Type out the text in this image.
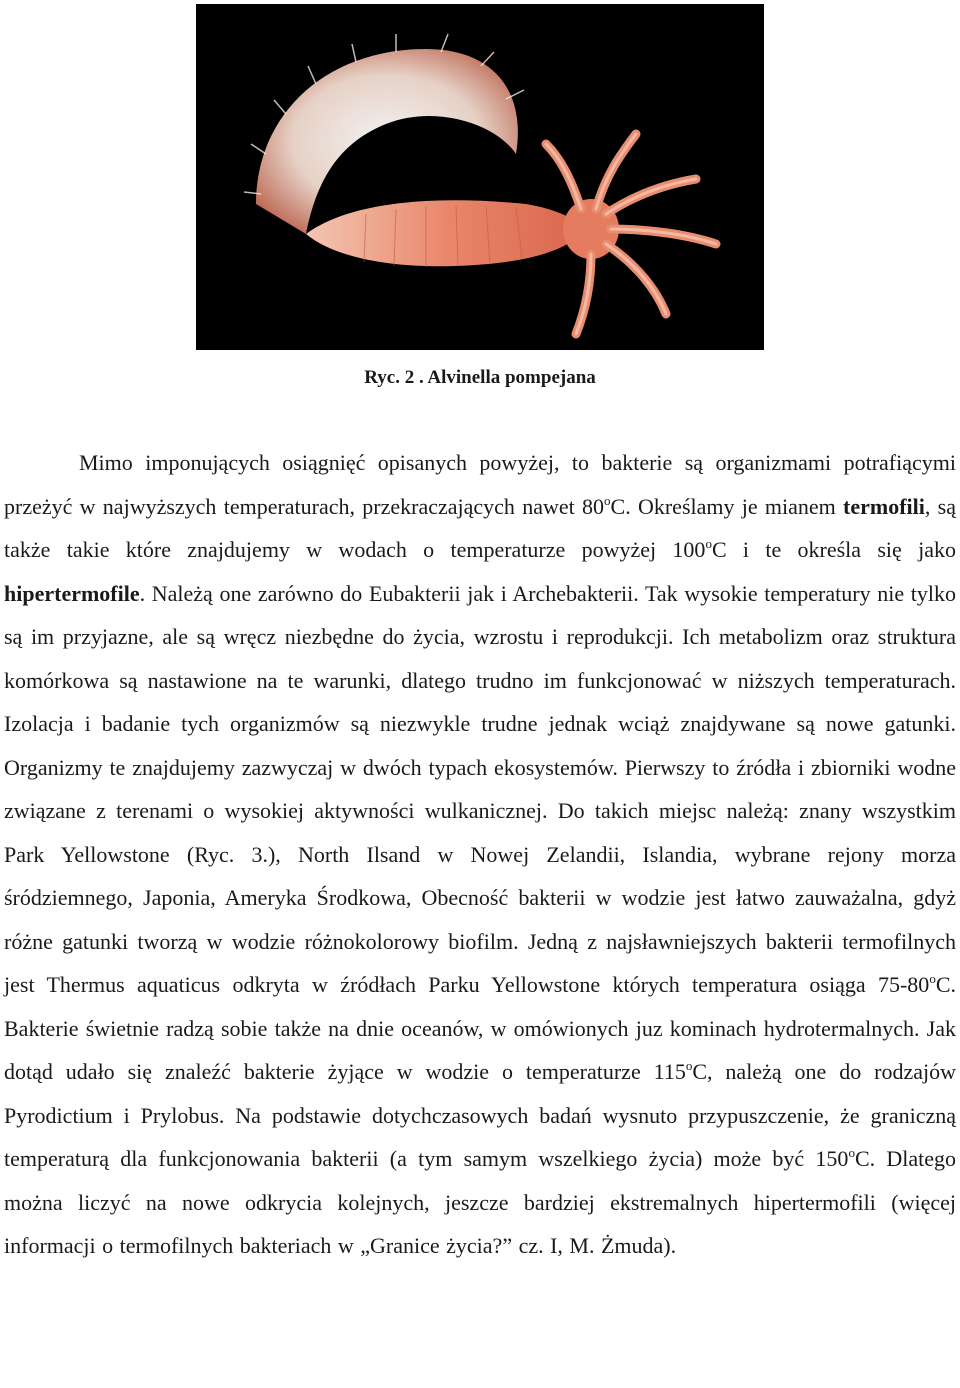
Ryc. 2 . Alvinella pompejana

Mimo imponujących osiągnięć opisanych powyżej, to bakterie są organizmami potrafiącymi przeżyć w najwyższych temperaturach, przekraczających nawet 80$^o$C. Określamy je mianem termofili, są także takie które znajdujemy w wodach o temperaturze powyżej 100$^o$C i te określa się jako hipertermofile. Należą one zarówno do Eubakterii jak i Archebakterii. Tak wysokie temperatury nie tylko są im przyjazne, ale są wręcz niezbędne do życia, wzrostu i reprodukcji. Ich metabolizm oraz struktura komórkowa są nastawione na te warunki, dlatego trudno im funkcjonować w niższych temperaturach. Izolacja i badanie tych organizmów są niezwykle trudne jednak wciąż znajdywane są nowe gatunki. Organizmy te znajdujemy zazwyczaj w dwóch typach ekosystemów. Pierwszy to źródła i zbiorniki wodne związane z terenami o wysokiej aktywności wulkanicznej. Do takich miejsc należą: znany wszystkim Park Yellowstone (Ryc. 3.), North Ilsand w Nowej Zelandii, Islandia, wybrane rejony morza śródziemnego, Japonia, Ameryka Środkowa, Obecność bakterii w wodzie jest łatwo zauważalna, gdyż różne gatunki tworzą w wodzie różnokolorowy biofilm. Jedną z najsławniejszych bakterii termofilnych jest Thermus aquaticus odkryta w źródłach Parku Yellowstone których temperatura osiąga 75-80$^o$C. Bakterie świetnie radzą sobie także na dnie oceanów, w omówionych juz kominach hydrotermalnych. Jak dotąd udało się znaleźć bakterie żyjące w wodzie o temperaturze 115$^o$C, należą one do rodzajów Pyrodictium i Prylobus. Na podstawie dotychczasowych badań wysnuto przypuszczenie, że graniczną temperaturą dla funkcjonowania bakterii (a tym samym wszelkiego życia) może być 150$^o$C. Dlatego można liczyć na nowe odkrycia kolejnych, jeszcze bardziej ekstremalnych hipertermofili (więcej informacji o termofilnych bakteriach w „Granice życia?” cz. I, M. Żmuda).
